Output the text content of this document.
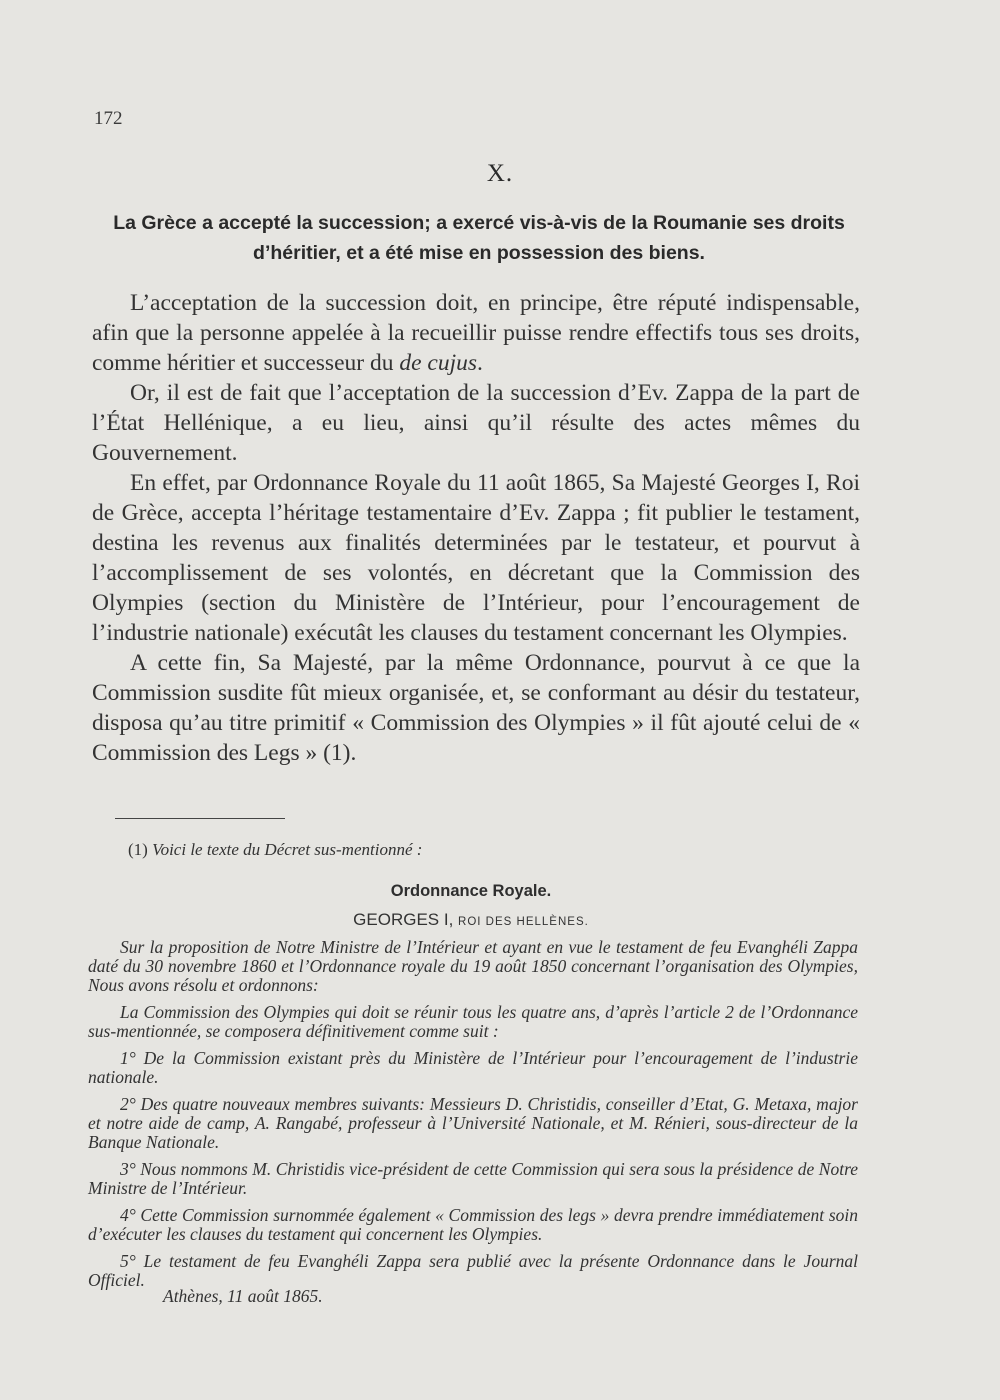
172
X.
La Grèce a accepté la succession; a exercé vis-à-vis de la Roumanie ses droits d’héritier, et a été mise en possession des biens.

L’acceptation de la succession doit, en principe, être réputé indispensable, afin que la personne appelée à la recueillir puisse rendre effectifs tous ses droits, comme héritier et successeur du de cujus.

Or, il est de fait que l’acceptation de la succession d’Ev. Zappa de la part de l’État Hellénique, a eu lieu, ainsi qu’il résulte des actes mêmes du Gouvernement.

En effet, par Ordonnance Royale du 11 août 1865, Sa Majesté Georges I, Roi de Grèce, accepta l’héritage testamentaire d’Ev. Zappa ; fit publier le testament, destina les revenus aux finalités determinées par le testateur, et pourvut à l’accomplissement de ses volontés, en décretant que la Commission des Olympies (section du Ministère de l’Intérieur, pour l’encouragement de l’industrie nationale) exécutât les clauses du testament concernant les Olympies.

A cette fin, Sa Majesté, par la même Ordonnance, pourvut à ce que la Commission susdite fût mieux organisée, et, se conformant au désir du testateur, disposa qu’au titre primitif « Commission des Olympies » il fût ajouté celui de « Commission des Legs » (1).

(1) Voici le texte du Décret sus-mentionné :
Ordonnance Royale.
GEORGES I, ROI DES HELLÈNES.

Sur la proposition de Notre Ministre de l’Intérieur et ayant en vue le testament de feu Evanghéli Zappa daté du 30 novembre 1860 et l’Ordonnance royale du 19 août 1850 concernant l’organisation des Olympies, Nous avons résolu et ordonnons:

La Commission des Olympies qui doit se réunir tous les quatre ans, d’après l’article 2 de l’Ordonnance sus-mentionnée, se composera définitivement comme suit :

1° De la Commission existant près du Ministère de l’Intérieur pour l’encouragement de l’industrie nationale.

2° Des quatre nouveaux membres suivants: Messieurs D. Christidis, conseiller d’Etat, G. Metaxa, major et notre aide de camp, A. Rangabé, professeur à l’Université Nationale, et M. Rénieri, sous-directeur de la Banque Nationale.

3° Nous nommons M. Christidis vice-président de cette Commission qui sera sous la présidence de Notre Ministre de l’Intérieur.

4° Cette Commission surnommée également « Commission des legs » devra prendre immédiatement soin d’exécuter les clauses du testament qui concernent les Olympies.

5° Le testament de feu Evanghéli Zappa sera publié avec la présente Ordonnance dans le Journal Officiel.

Athènes, 11 août 1865.
